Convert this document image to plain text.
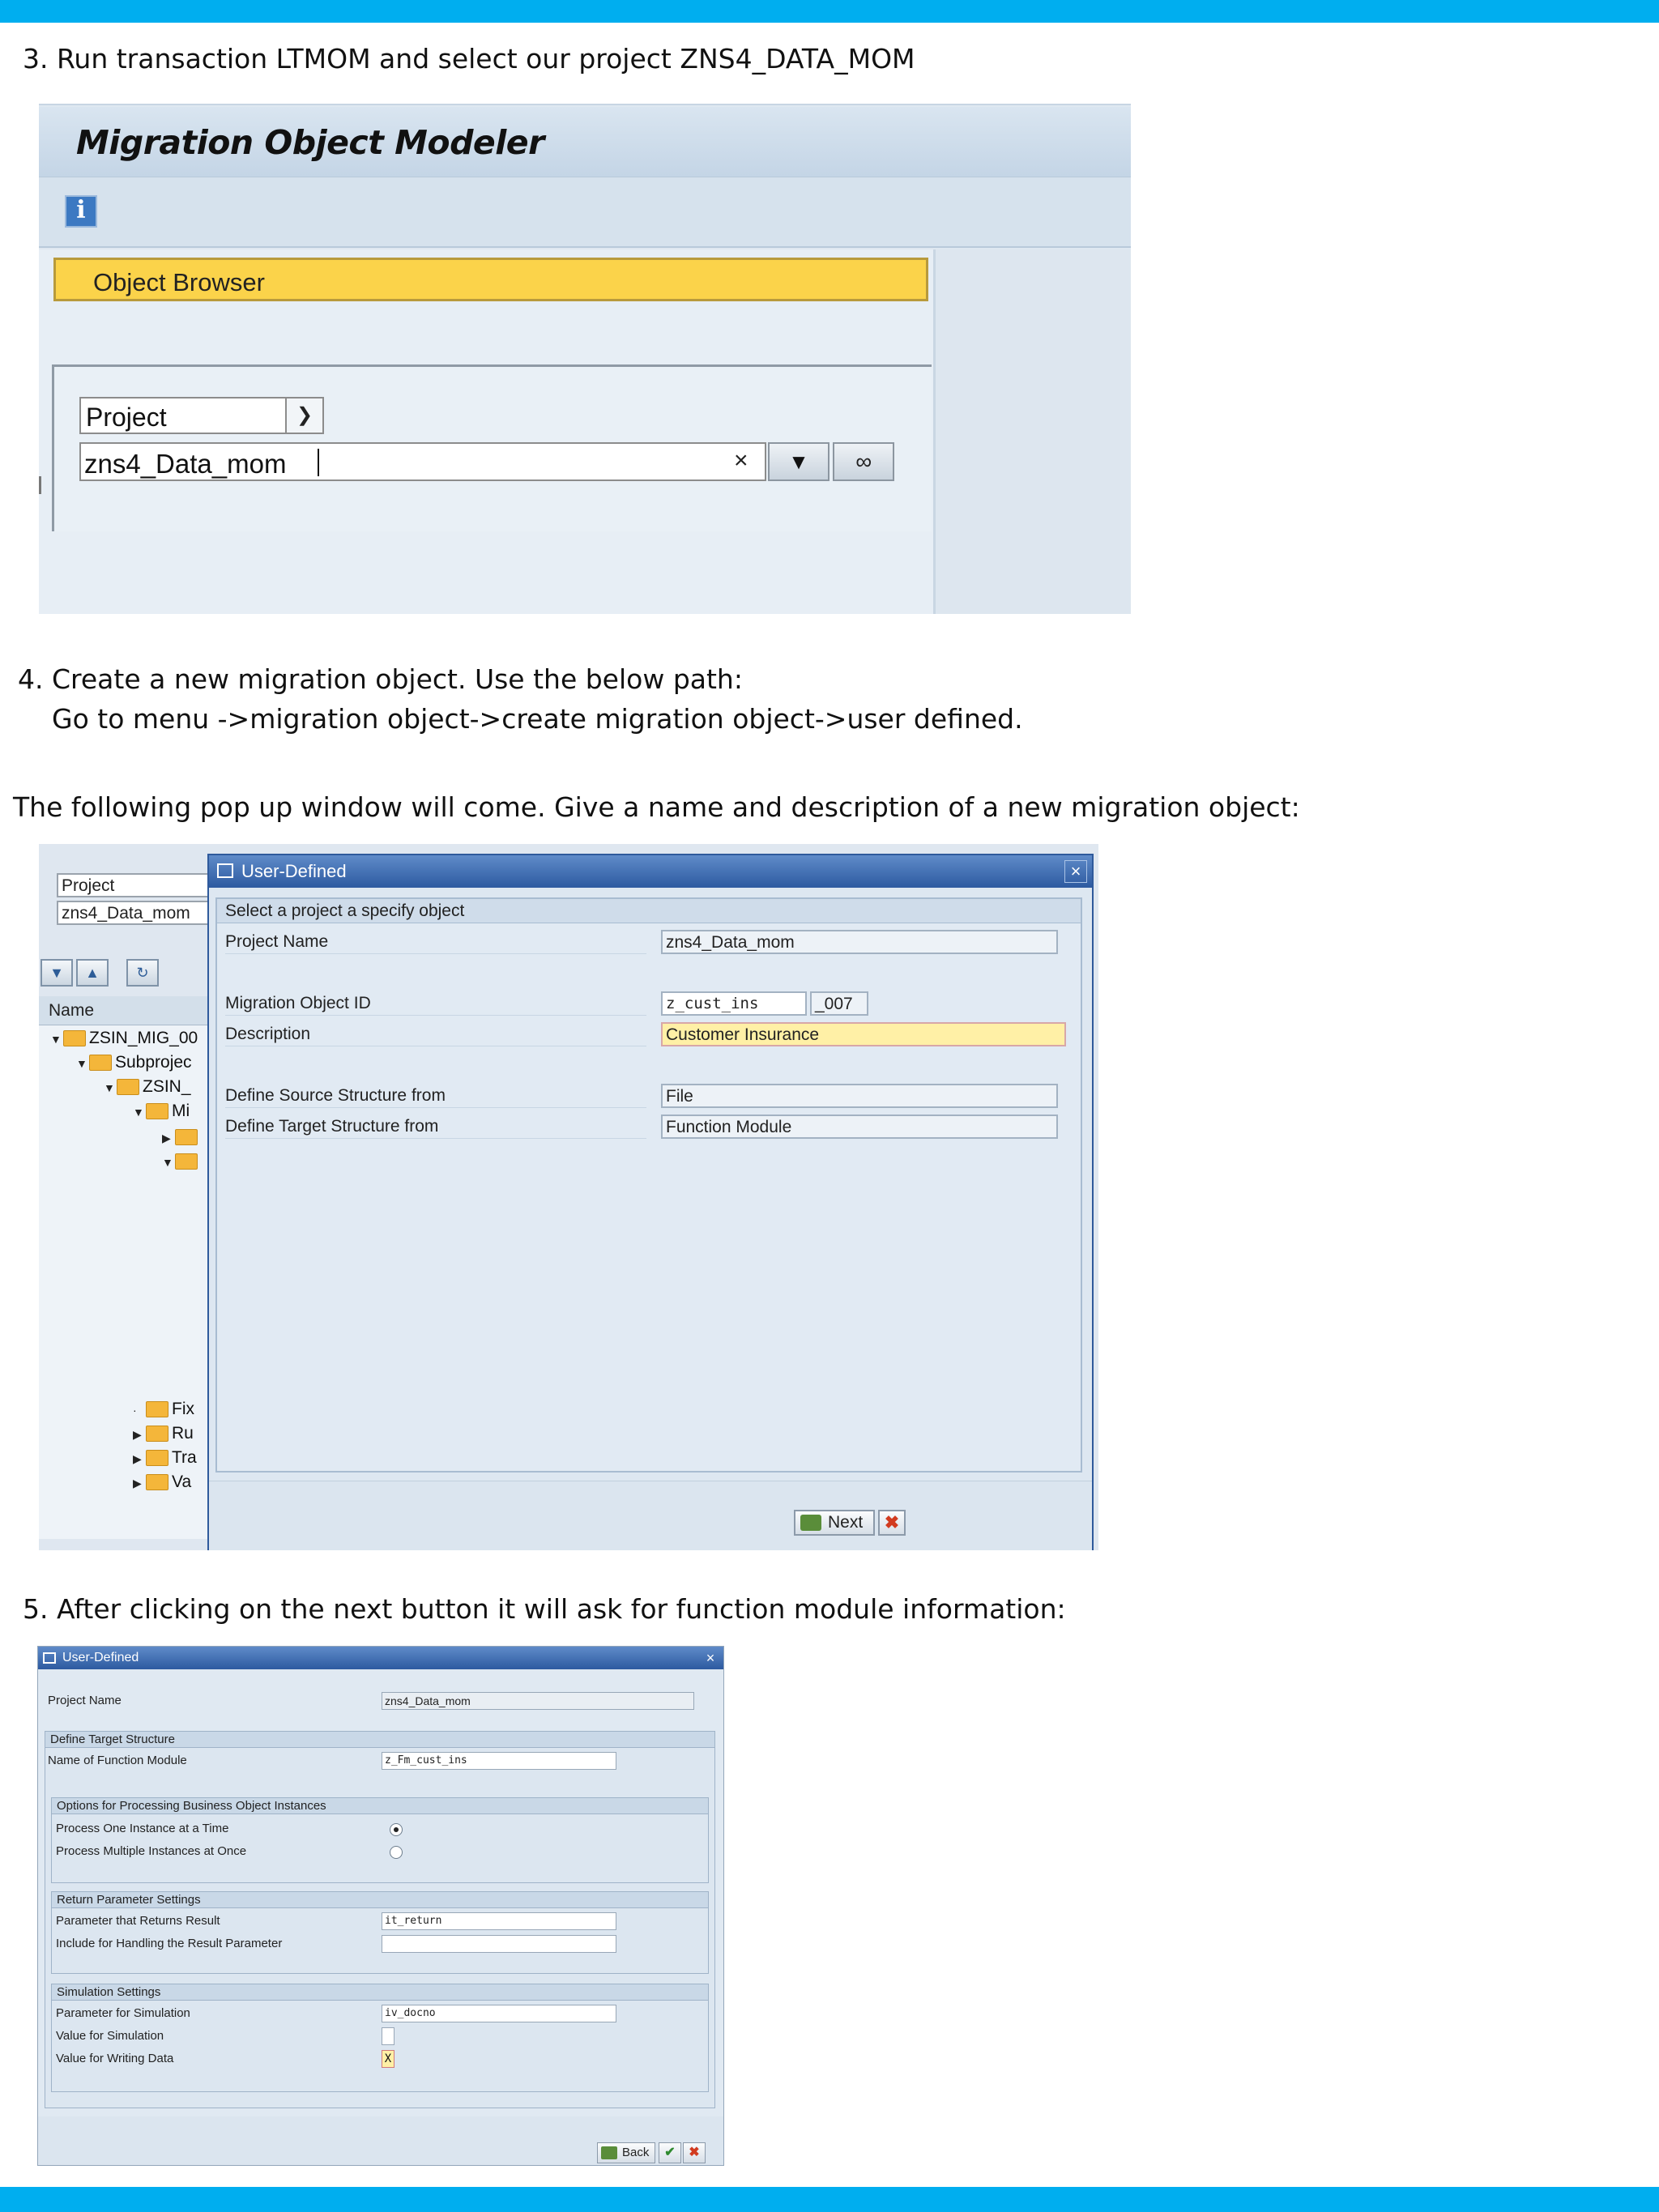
3. Run transaction LTMOM and select our project ZNS4_DATA_MOM
Migration Object Modeler
i
Object Browser
Project	❯
zns4_Data_mom	×	▼	∞
4. Create a new migration object. Use the below path:
Go to menu ->migration object->create migration object->user defined.
The following pop up window will come. Give a name and description of a new migration object:
Project
zns4_Data_mom
▼	▲	↻
Name
▼ ZSIN_MIG_00
▼ Subprojec
▼ ZSIN_
▼ Mi
▶
▼
· Fix
▶ Ru
▶ Tra
▶ Va
User-Defined	×
Select a project a specify object
Project Name	zns4_Data_mom
Migration Object ID	z_cust_ins	_007
Description	Customer Insurance
Define Source Structure from	File
Define Target Structure from	Function Module
Next	✖
5. After clicking on the next button it will ask for function module information:
User-Defined	×
Project Name	zns4_Data_mom
Define Target Structure
Name of Function Module	z_Fm_cust_ins
Options for Processing Business Object Instances
Process One Instance at a Time
Process Multiple Instances at Once
Return Parameter Settings
Parameter that Returns Result	it_return
Include for Handling the Result Parameter
Simulation Settings
Parameter for Simulation	iv_docno
Value for Simulation
Value for Writing Data	X
Back	✔	✖
